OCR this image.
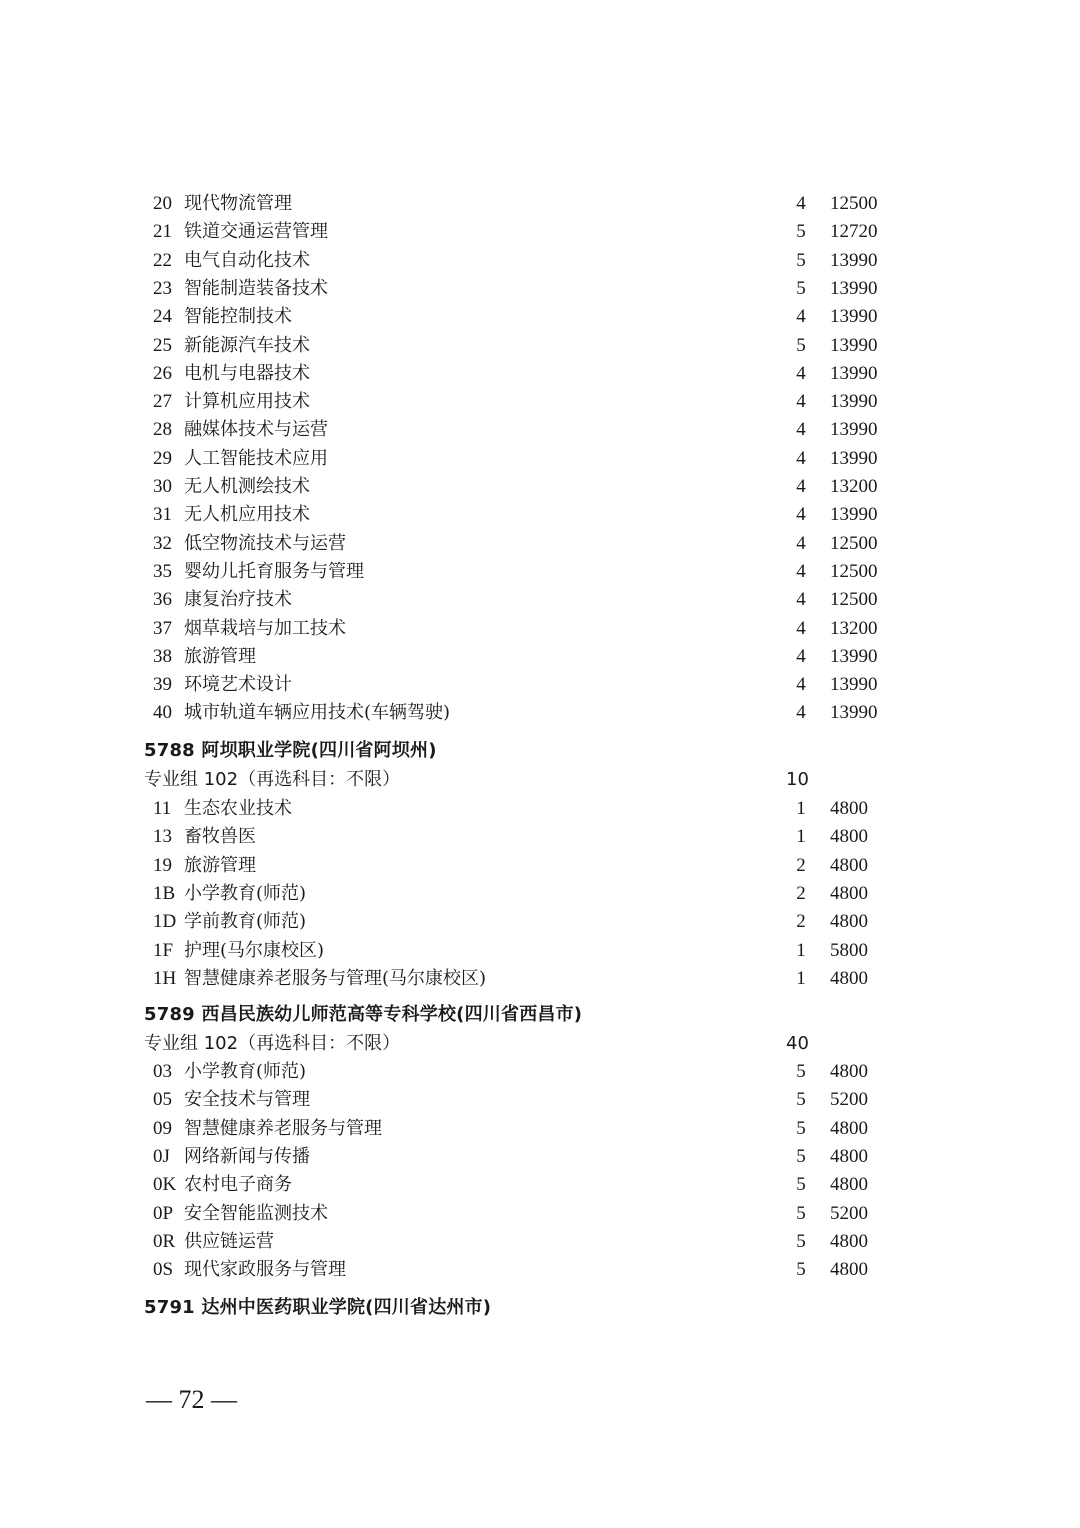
20 现代物流管理	4 12500
21 铁道交通运营管理	5 12720
22 电气自动化技术	5 13990
23 智能制造装备技术	5 13990
24 智能控制技术	4 13990
25 新能源汽车技术	5 13990
26 电机与电器技术	4 13990
27 计算机应用技术	4 13990
28 融媒体技术与运营	4 13990
29 人工智能技术应用	4 13990
30 无人机测绘技术	4 13200
31 无人机应用技术	4 13990
32 低空物流技术与运营	4 12500
35 婴幼儿托育服务与管理	4 12500
36 康复治疗技术	4 12500
37 烟草栽培与加工技术	4 13200
38 旅游管理	4 13990
39 环境艺术设计	4 13990
40 城市轨道车辆应用技术(车辆驾驶)	4 13990
5788 阿坝职业学院(四川省阿坝州)
专业组 102（再选科目：不限）	10
11 生态农业技术	1 4800
13 畜牧兽医	1 4800
19 旅游管理	2 4800
1B 小学教育(师范)	2 4800
1D 学前教育(师范)	2 4800
1F 护理(马尔康校区)	1 5800
1H 智慧健康养老服务与管理(马尔康校区)	1 4800
5789 西昌民族幼儿师范高等专科学校(四川省西昌市)
专业组 102（再选科目：不限）	40
03 小学教育(师范)	5 4800
05 安全技术与管理	5 5200
09 智慧健康养老服务与管理	5 4800
0J 网络新闻与传播	5 4800
0K 农村电子商务	5 4800
0P 安全智能监测技术	5 5200
0R 供应链运营	5 4800
0S 现代家政服务与管理	5 4800
5791 达州中医药职业学院(四川省达州市)
— 72 —
